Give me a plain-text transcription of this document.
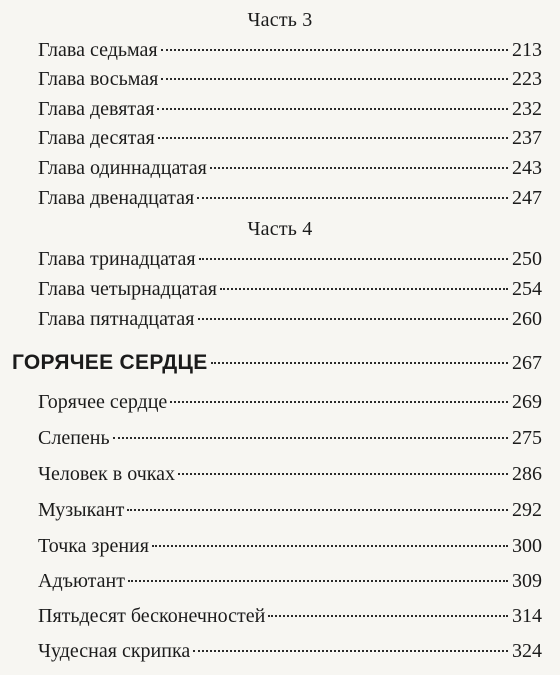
Часть 3
Глава седьмая	213
Глава восьмая	223
Глава девятая	232
Глава десятая	237
Глава одиннадцатая	243
Глава двенадцатая	247
Часть 4
Глава тринадцатая	250
Глава четырнадцатая	254
Глава пятнадцатая	260
ГОРЯЧЕЕ СЕРДЦЕ	267
Горячее сердце	269
Слепень	275
Человек в очках	286
Музыкант	292
Точка зрения	300
Адъютант	309
Пятьдесят бесконечностей	314
Чудесная скрипка	324
